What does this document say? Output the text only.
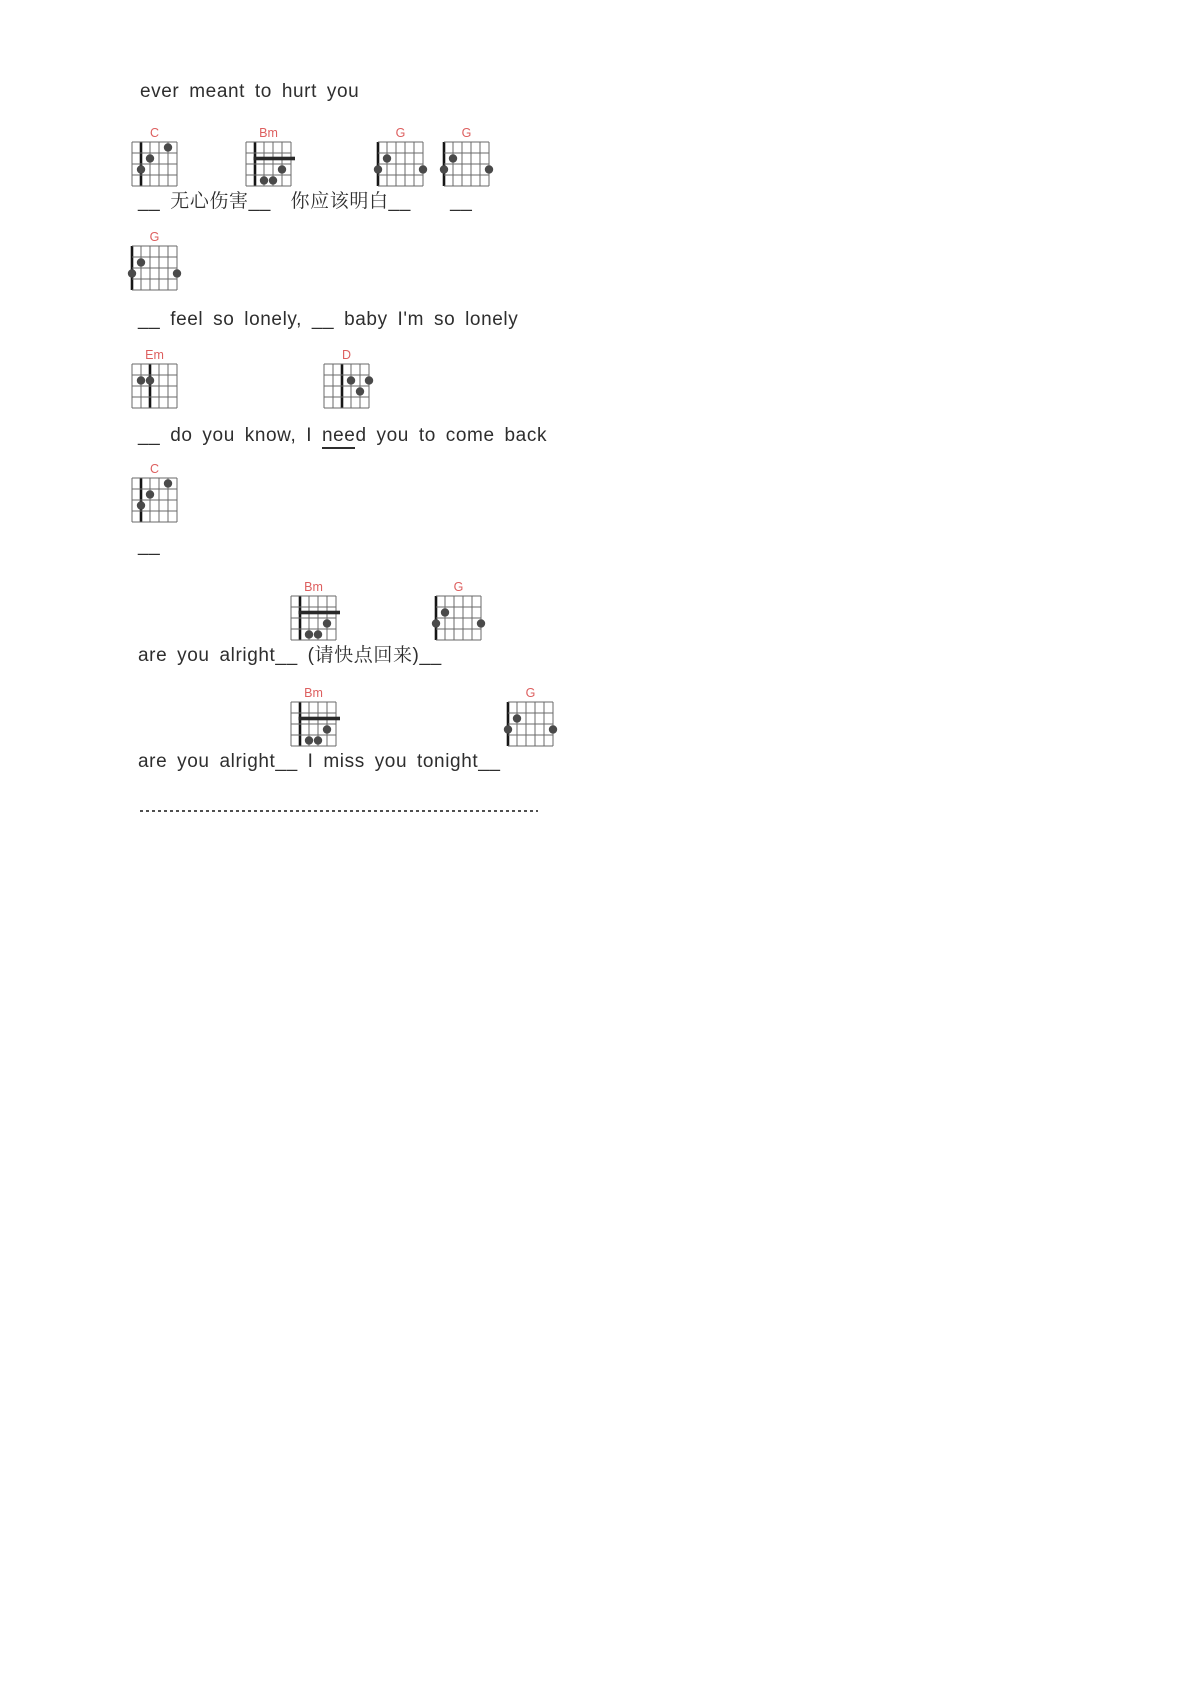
ever meant to hurt you
C	Bm	G	G
__ 无心伤害__　你应该明白__　　__
G
__ feel so lonely, __ baby I'm so lonely
Em	D
__ do you know, I need you to come back
C
__
Bm	G
are you alright__ (请快点回来)__
Bm	G
are you alright__ I miss you tonight__
